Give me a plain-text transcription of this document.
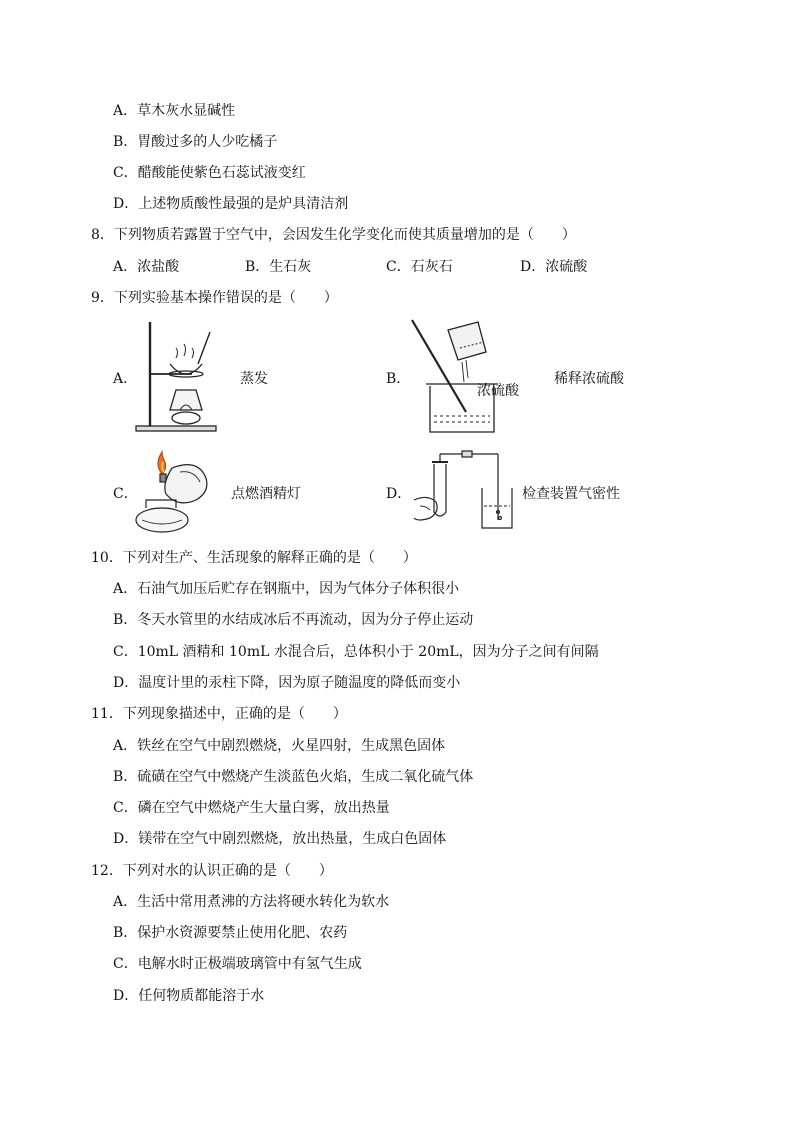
A．草木灰水显碱性
B．胃酸过多的人少吃橘子
C．醋酸能使紫色石蕊试液变红
D．上述物质酸性最强的是炉具清洁剂
8．下列物质若露置于空气中，会因发生化学变化而使其质量增加的是（　　）
A．浓盐酸	B．生石灰	C．石灰石	D．浓硫酸
9．下列实验基本操作错误的是（　　）
A．	蒸发	B．
浓硫酸
稀释浓硫酸
C．	点燃酒精灯	D．	检查装置气密性
10．下列对生产、生活现象的解释正确的是（　　）
A．石油气加压后贮存在钢瓶中，因为气体分子体积很小
B．冬天水管里的水结成冰后不再流动，因为分子停止运动
C．10mL 酒精和 10mL 水混合后，总体积小于 20mL，因为分子之间有间隔
D．温度计里的汞柱下降，因为原子随温度的降低而变小
11．下列现象描述中，正确的是（　　）
A．铁丝在空气中剧烈燃烧，火星四射，生成黑色固体
B．硫磺在空气中燃烧产生淡蓝色火焰，生成二氧化硫气体
C．磷在空气中燃烧产生大量白雾，放出热量
D．镁带在空气中剧烈燃烧，放出热量，生成白色固体
12．下列对水的认识正确的是（　　）
A．生活中常用煮沸的方法将硬水转化为软水
B．保护水资源要禁止使用化肥、农药
C．电解水时正极端玻璃管中有氢气生成
D．任何物质都能溶于水
